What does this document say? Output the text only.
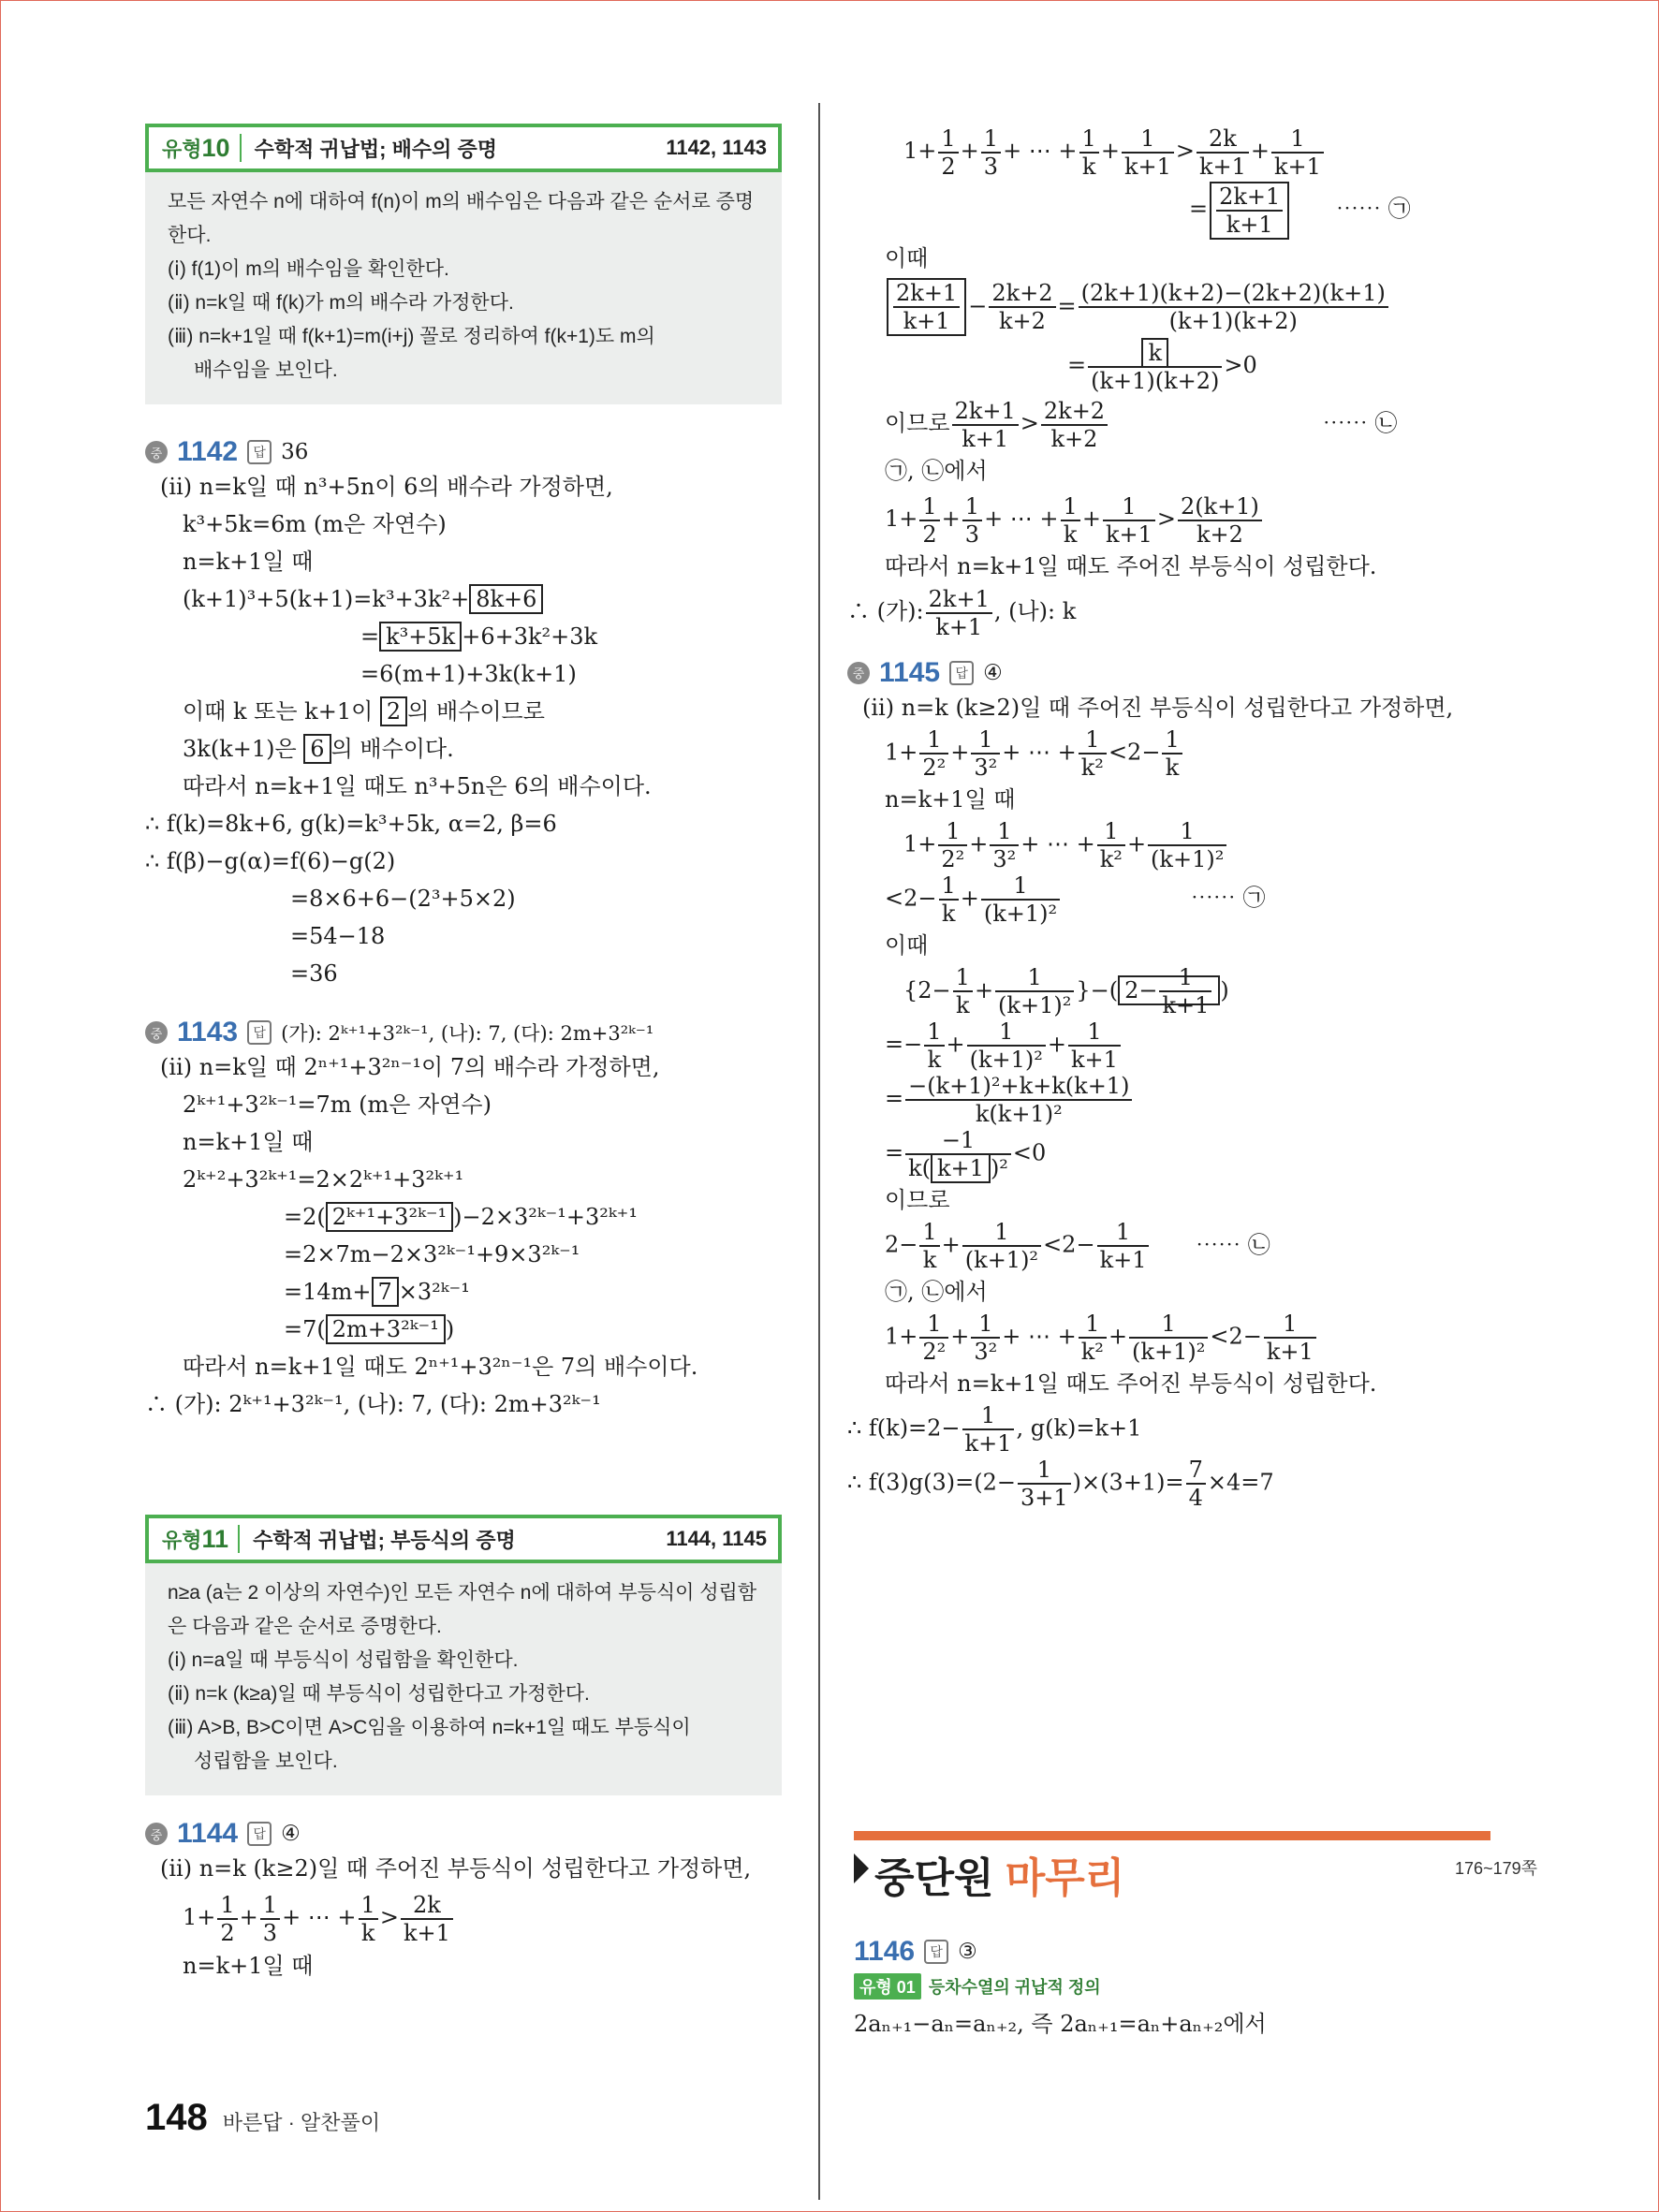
유형 10	수학적 귀납법; 배수의 증명	1142, 1143
모든 자연수 n에 대하여 f(n)이 m의 배수임은 다음과 같은 순서로 증명한다.
(ⅰ) f(1)이 m의 배수임을 확인한다.
(ⅱ) n=k일 때 f(k)가 m의 배수라 가정한다.
(ⅲ) n=k+1일 때 f(k+1)=m(i+j) 꼴로 정리하여 f(k+1)도 m의
배수임을 보인다.
중 1142	답 36
(ⅱ) n=k일 때 n³+5n이 6의 배수라 가정하면,
k³+5k=6m (m은 자연수)
n=k+1일 때
(k+1)³+5(k+1)=k³+3k²+ 8k+6
= k³+5k +6+3k²+3k
=6(m+1)+3k(k+1)
이때 k 또는 k+1이 2 의 배수이므로
3k(k+1)은 6 의 배수이다.
따라서 n=k+1일 때도 n³+5n은 6의 배수이다.
∴ f(k)=8k+6, g(k)=k³+5k, α=2, β=6
∴ f(β)−g(α)=f(6)−g(2)
=8×6+6−(2³+5×2)
=54−18
=36
중 1143	답 (가): 2ᵏ⁺¹+3²ᵏ⁻¹, (나): 7, (다): 2m+3²ᵏ⁻¹
(ⅱ) n=k일 때 2ⁿ⁺¹+3²ⁿ⁻¹이 7의 배수라 가정하면,
2ᵏ⁺¹+3²ᵏ⁻¹=7m (m은 자연수)
n=k+1일 때
2ᵏ⁺²+3²ᵏ⁺¹=2×2ᵏ⁺¹+3²ᵏ⁺¹
=2( 2ᵏ⁺¹+3²ᵏ⁻¹ )−2×3²ᵏ⁻¹+3²ᵏ⁺¹
=2×7m−2×3²ᵏ⁻¹+9×3²ᵏ⁻¹
=14m+ 7 ×3²ᵏ⁻¹
=7( 2m+3²ᵏ⁻¹ )
따라서 n=k+1일 때도 2ⁿ⁺¹+3²ⁿ⁻¹은 7의 배수이다.
∴ (가): 2ᵏ⁺¹+3²ᵏ⁻¹, (나): 7, (다): 2m+3²ᵏ⁻¹
유형 11	수학적 귀납법; 부등식의 증명	1144, 1145
n≥a (a는 2 이상의 자연수)인 모든 자연수 n에 대하여 부등식이 성립함
은 다음과 같은 순서로 증명한다.
(ⅰ) n=a일 때 부등식이 성립함을 확인한다.
(ⅱ) n=k (k≥a)일 때 부등식이 성립한다고 가정한다.
(ⅲ) A>B, B>C이면 A>C임을 이용하여 n=k+1일 때도 부등식이
성립함을 보인다.
중 1144	답 ④
(ⅱ) n=k (k≥2)일 때 주어진 부등식이 성립한다고 가정하면,
$1+ \frac{1}{2} + \frac{1}{3}$ + ⋯ + $\frac{1}{k} > \frac{2k}{k+1}$
n=k+1일 때
$1+ \frac{1}{2} + \frac{1}{3}$ + ⋯ + $\frac{1}{k} + \frac{1}{k+1} > \frac{2k}{k+1} + \frac{1}{k+1}$
= $\frac{2k+1}{k+1}$ ⋯⋯ ㉠
이때
$\frac{2k+1}{k+1} - \frac{2k+2}{k+2} = \frac{(2k+1)(k+2)-(2k+2)(k+1)}{(k+1)(k+2)}$
= $\frac{k}{(k+1)(k+2)} >0$
이므로 $\frac{2k+1}{k+1} > \frac{2k+2}{k+2}$	⋯⋯ ㉡
㉠, ㉡에서
$1+ \frac{1}{2} + \frac{1}{3}$ + ⋯ + $\frac{1}{k} + \frac{1}{k+1} > \frac{2(k+1)}{k+2}$
따라서 n=k+1일 때도 주어진 부등식이 성립한다.
∴ (가): $\frac{2k+1}{k+1}$ , (나): k
중 1145	답 ④
(ⅱ) n=k (k≥2)일 때 주어진 부등식이 성립한다고 가정하면,
$1+ \frac{1}{\text{2²}} + \frac{1}{\text{3²}}$ + ⋯ + $\frac{1}{\text{k²}} <2- \frac{1}{k}$
n=k+1일 때
$1+ \frac{1}{\text{2²}} + \frac{1}{\text{3²}}$ + ⋯ + $\frac{1}{\text{k²}} + \frac{1}{\text{(k+1)²}}$
$<2- \frac{1}{k} + \frac{1}{\text{(k+1)²}}$	⋯⋯ ㉠
이때
{$2- \frac{1}{k} + \frac{1}{\text{(k+1)²}}$ }−( $2- \frac{1}{k+1}$ )
=− $\frac{1}{k} + \frac{1}{\text{(k+1)²}} + \frac{1}{k+1}$
= $\frac{\text{−(k+1)²+k+k(k+1)}}{\text{k(k+1)²}}$
= $\frac{-1}{\text{k( k+1 )²}} <0$
이므로
$2- \frac{1}{k} + \frac{1}{\text{(k+1)²}} <2- \frac{1}{k+1}$ ⋯⋯ ㉡
㉠, ㉡에서
$1+ \frac{1}{\text{2²}} + \frac{1}{\text{3²}}$ + ⋯ + $\frac{1}{\text{k²}} + \frac{1}{\text{(k+1)²}} <2- \frac{1}{k+1}$
따라서 n=k+1일 때도 주어진 부등식이 성립한다.
∴ $f(k)=2- \frac{1}{k+1}$ , g(k)=k+1
∴ $f(3)g(3)=(2- \frac{1}{3+1} )\times(3+1)= \frac{7}{4} \times 4=7$
중단원 마무리	176~179쪽
1146	답 ③
유형 01 등차수열의 귀납적 정의
2aₙ₊₁−aₙ=aₙ₊₂, 즉 2aₙ₊₁=aₙ+aₙ₊₂에서
148 바른답 · 알찬풀이
